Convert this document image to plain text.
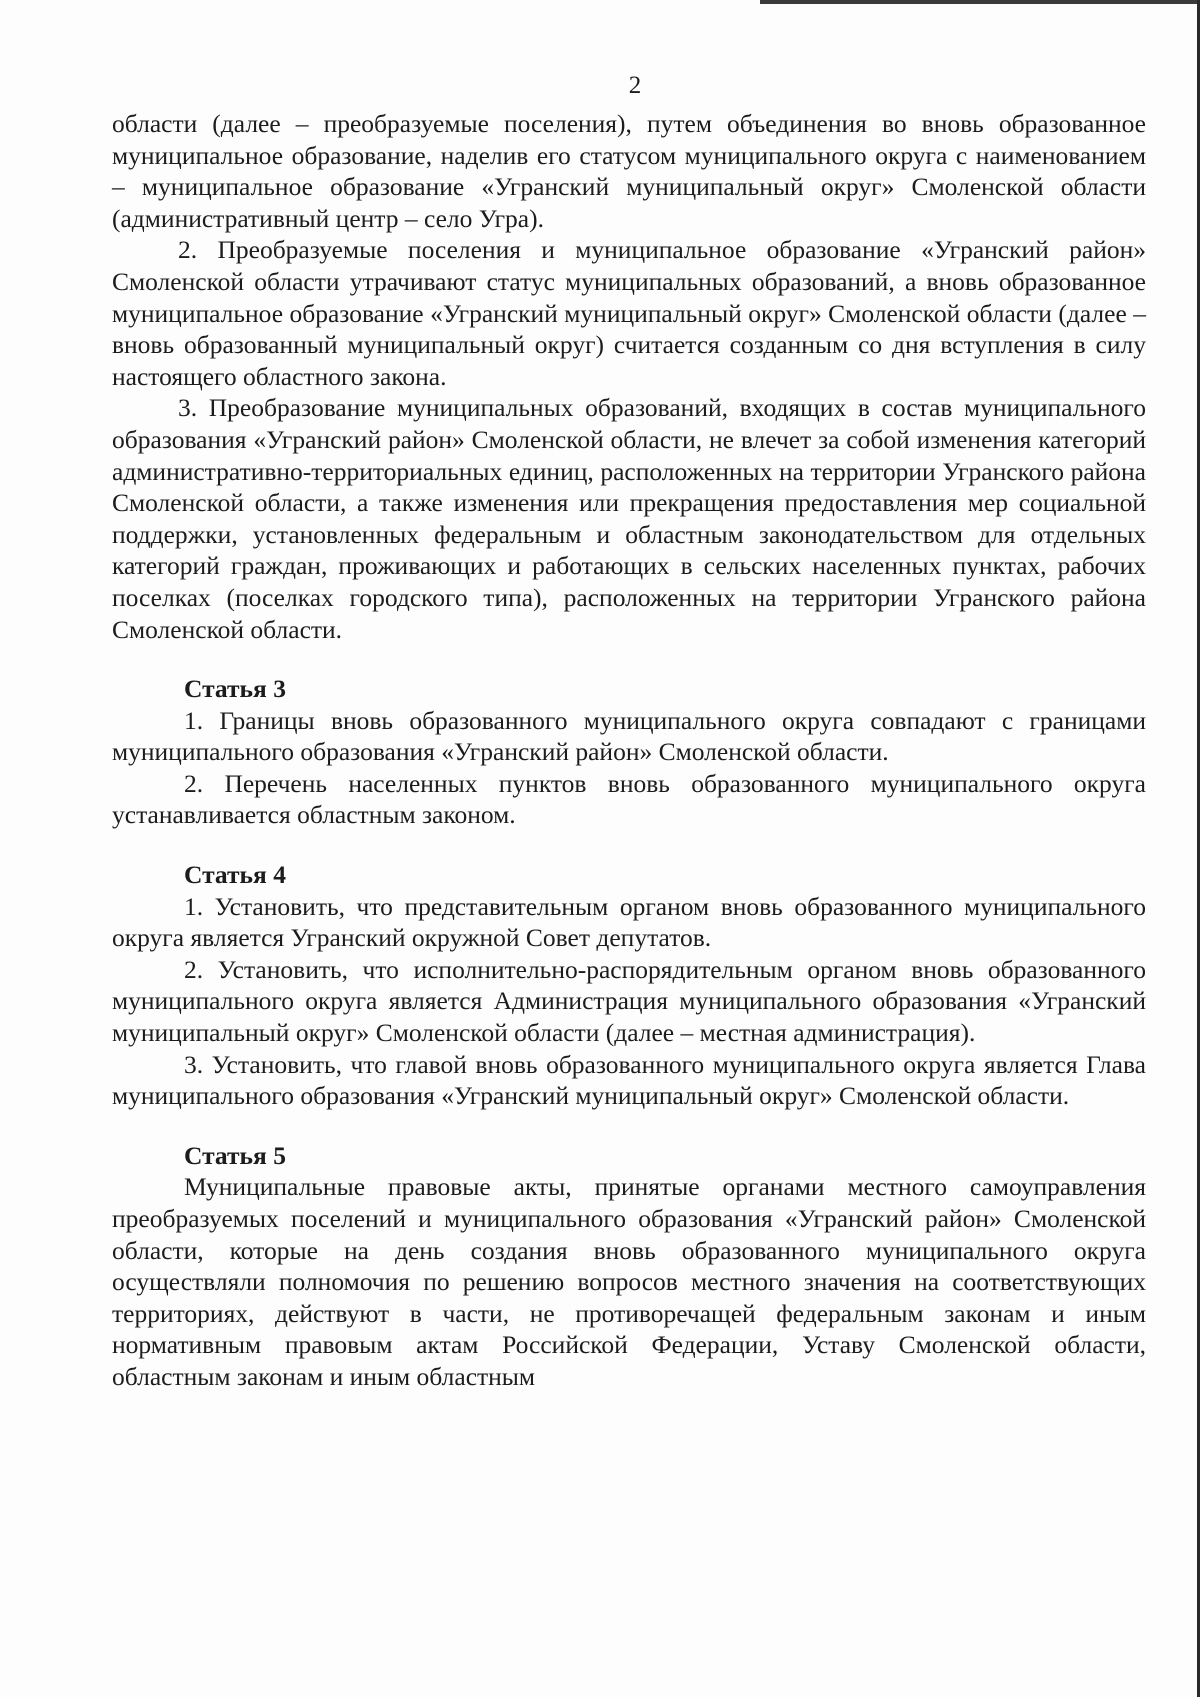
2

области (далее – преобразуемые поселения), путем объединения во вновь образованное муниципальное образование, наделив его статусом муниципального округа с наименованием – муниципальное образование «Угранский муниципальный округ» Смоленской области (административный центр – село Угра).

2. Преобразуемые поселения и муниципальное образование «Угранский район» Смоленской области утрачивают статус муниципальных образований, а вновь образованное муниципальное образование «Угранский муниципальный округ» Смоленской области (далее – вновь образованный муниципальный округ) считается созданным со дня вступления в силу настоящего областного закона.

3. Преобразование муниципальных образований, входящих в состав муниципального образования «Угранский район» Смоленской области, не влечет за собой изменения категорий административно-территориальных единиц, расположенных на территории Угранского района Смоленской области, а также изменения или прекращения предоставления мер социальной поддержки, установленных федеральным и областным законодательством для отдельных категорий граждан, проживающих и работающих в сельских населенных пунктах, рабочих поселках (поселках городского типа), расположенных на территории Угранского района Смоленской области.

Статья 3

1. Границы вновь образованного муниципального округа совпадают с границами муниципального образования «Угранский район» Смоленской области.

2. Перечень населенных пунктов вновь образованного муниципального округа устанавливается областным законом.

Статья 4

1. Установить, что представительным органом вновь образованного муниципального округа является Угранский окружной Совет депутатов.

2. Установить, что исполнительно-распорядительным органом вновь образованного муниципального округа является Администрация муниципального образования «Угранский муниципальный округ» Смоленской области (далее – местная администрация).

3. Установить, что главой вновь образованного муниципального округа является Глава муниципального образования «Угранский муниципальный округ» Смоленской области.

Статья 5

Муниципальные правовые акты, принятые органами местного самоуправления преобразуемых поселений и муниципального образования «Угранский район» Смоленской области, которые на день создания вновь образованного муниципального округа осуществляли полномочия по решению вопросов местного значения на соответствующих территориях, действуют в части, не противоречащей федеральным законам и иным нормативным правовым актам Российской Федерации, Уставу Смоленской области, областным законам и иным областным
